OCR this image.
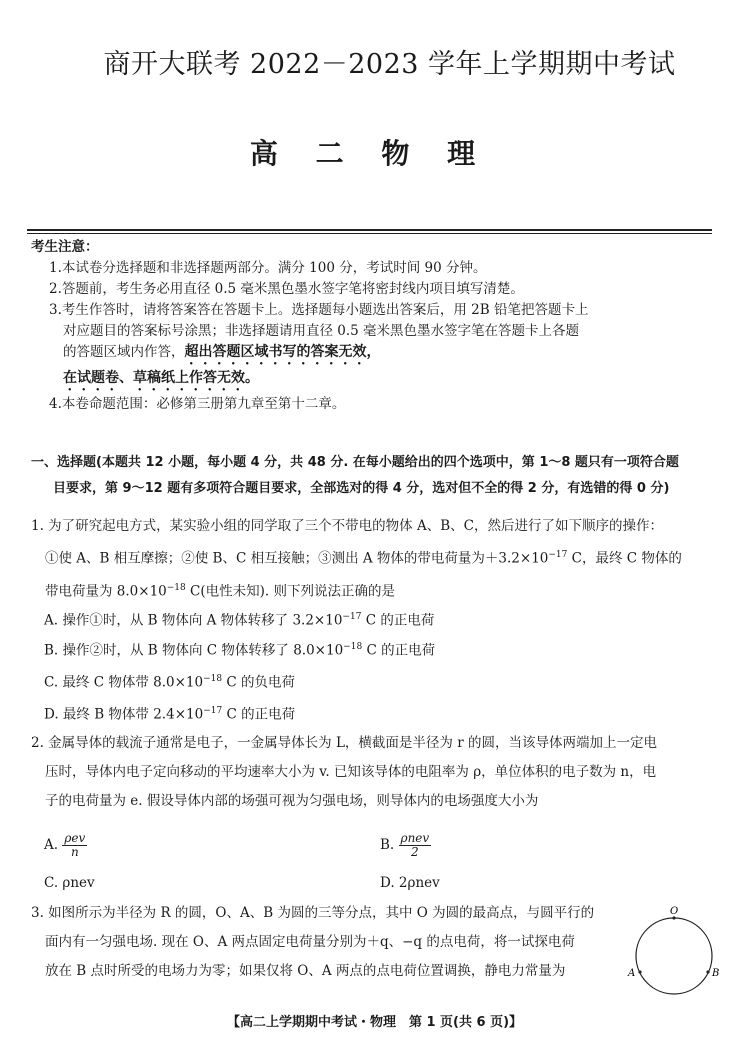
商开大联考 2022－2023 学年上学期期中考试
高 二 物 理
考生注意：
1.本试卷分选择题和非选择题两部分。满分 100 分，考试时间 90 分钟。
2.答题前，考生务必用直径 0.5 毫米黑色墨水签字笔将密封线内项目填写清楚。
3.考生作答时，请将答案答在答题卡上。选择题每小题选出答案后，用 2B 铅笔把答题卡上对应题目的答案标号涂黑；非选择题请用直径 0.5 毫米黑色墨水签字笔在答题卡上各题的答题区域内作答，超出答题区域书写的答案无效，
在试题卷、草稿纸上作答无效。
4.本卷命题范围：必修第三册第九章至第十二章。
一、选择题(本题共 12 小题，每小题 4 分，共 48 分. 在每小题给出的四个选项中，第 1～8 题只有一项符合题
目要求，第 9～12 题有多项符合题目要求，全部选对的得 4 分，选对但不全的得 2 分，有选错的得 0 分)
1. 为了研究起电方式，某实验小组的同学取了三个不带电的物体 A、B、C，然后进行了如下顺序的操作：
①使 A、B 相互摩擦；②使 B、C 相互接触；③测出 A 物体的带电荷量为$+3.2\times 10^{-17}$ C，最终 C 物体的
带电荷量为 $8.0\times 10^{-18}$ C(电性未知). 则下列说法正确的是
A. 操作①时，从 B 物体向 A 物体转移了 $3.2\times 10^{-17}$ C 的正电荷
B. 操作②时，从 B 物体向 C 物体转移了 $8.0\times 10^{-18}$ C 的正电荷
C. 最终 C 物体带 $8.0\times 10^{-18}$ C 的负电荷
D. 最终 B 物体带 $2.4\times 10^{-17}$ C 的正电荷
2. 金属导体的载流子通常是电子，一金属导体长为 L，横截面是半径为 r 的圆，当该导体两端加上一定电
压时，导体内电子定向移动的平均速率大小为 v. 已知该导体的电阻率为 ρ，单位体积的电子数为 n，电
子的电荷量为 e. 假设导体内部的场强可视为匀强电场，则导体内的电场强度大小为
A. $\frac{\text{ρev}}{n}$	B. $\frac{\text{ρnev}}{2}$
C. ρnev	D. 2ρnev
3. 如图所示为半径为 R 的圆，O、A、B 为圆的三等分点，其中 O 为圆的最高点，与圆平行的
面内有一匀强电场. 现在 O、A 两点固定电荷量分别为＋q、−q 的点电荷，将一试探电荷
放在 B 点时所受的电场力为零；如果仅将 O、A 两点的点电荷位置调换，静电力常量为
O
A	B
【高二上学期期中考试・物理　第 1 页(共 6 页)】
